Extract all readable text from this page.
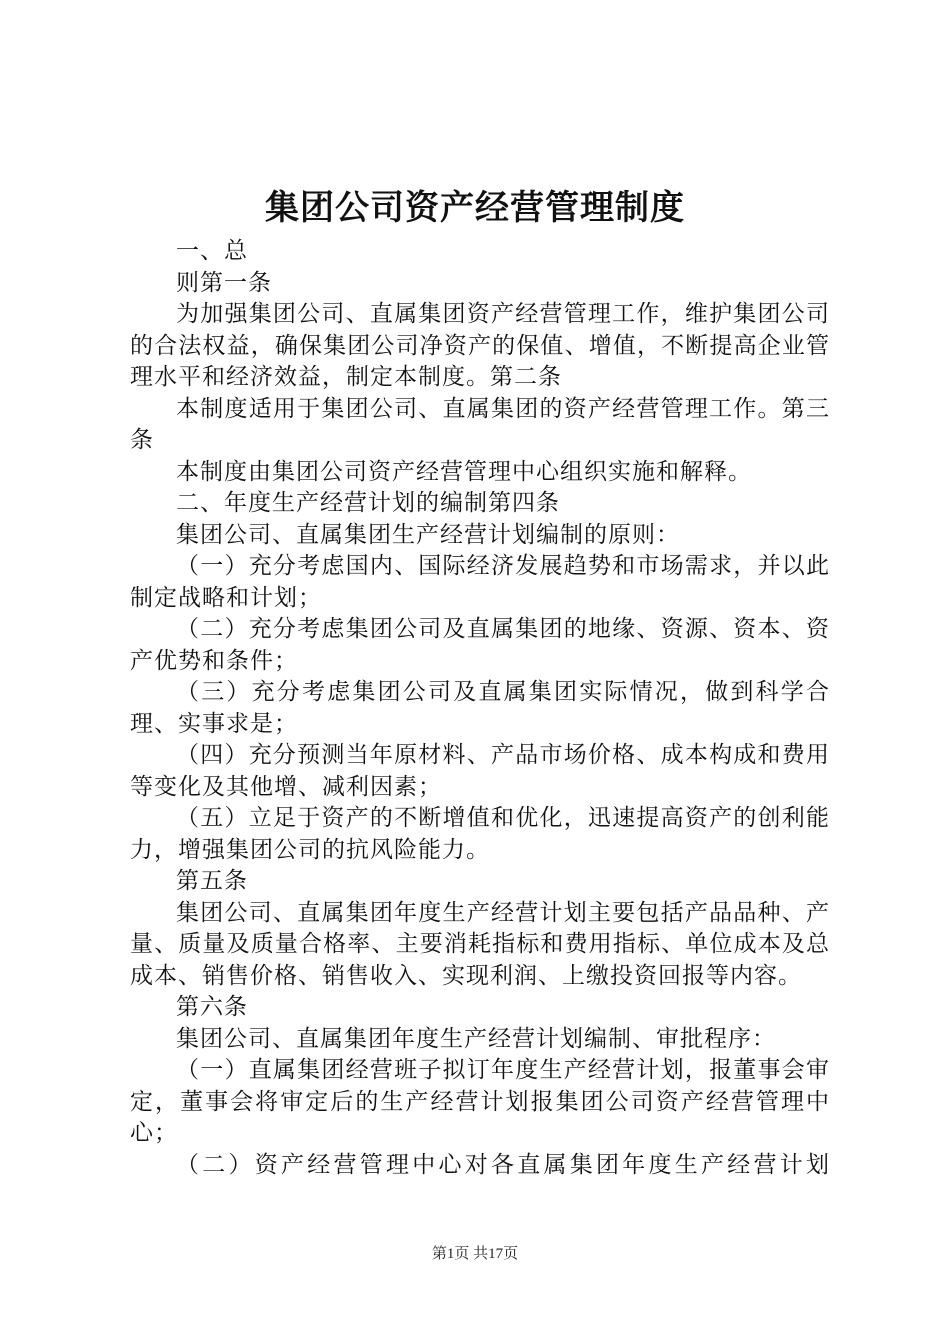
集团公司资产经营管理制度

一、总

则第一条

为加强集团公司、直属集团资产经营管理工作，维护集团公司的合法权益，确保集团公司净资产的保值、增值，不断提高企业管理水平和经济效益，制定本制度。第二条

本制度适用于集团公司、直属集团的资产经营管理工作。第三条

本制度由集团公司资产经营管理中心组织实施和解释。

二、年度生产经营计划的编制第四条

集团公司、直属集团生产经营计划编制的原则：

（一）充分考虑国内、国际经济发展趋势和市场需求，并以此制定战略和计划；

（二）充分考虑集团公司及直属集团的地缘、资源、资本、资产优势和条件；

（三）充分考虑集团公司及直属集团实际情况，做到科学合理、实事求是；

（四）充分预测当年原材料、产品市场价格、成本构成和费用等变化及其他增、减利因素；

（五）立足于资产的不断增值和优化，迅速提高资产的创利能力，增强集团公司的抗风险能力。

第五条

集团公司、直属集团年度生产经营计划主要包括产品品种、产量、质量及质量合格率、主要消耗指标和费用指标、单位成本及总成本、销售价格、销售收入、实现利润、上缴投资回报等内容。

第六条

集团公司、直属集团年度生产经营计划编制、审批程序：

（一）直属集团经营班子拟订年度生产经营计划，报董事会审定，董事会将审定后的生产经营计划报集团公司资产经营管理中心；

（二）资产经营管理中心对各直属集团年度生产经营计划

第1页 共17页
